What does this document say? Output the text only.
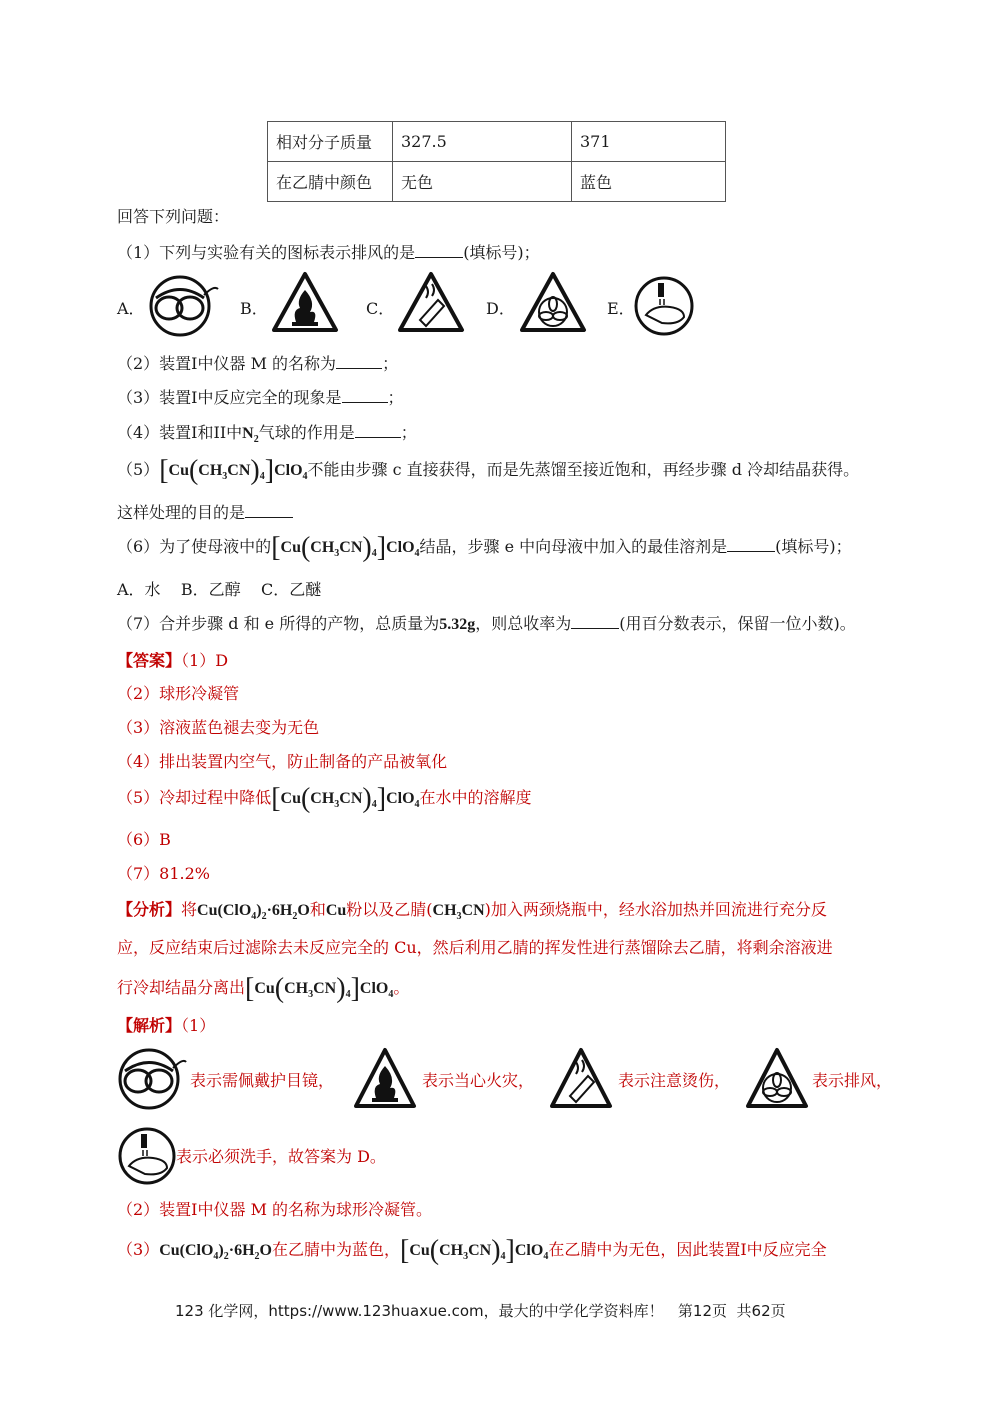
相对分子质量	327.5	371
在乙腈中颜色	无色	蓝色
回答下列问题：
（1）下列与实验有关的图标表示排风的是	(填标号)；
A．	B．	C．	D．	E．
（2）装置I中仪器 M 的名称为	；
（3）装置I中反应完全的现象是	；
（4）装置I和II中$N_2$气球的作用是	；
$(5)[Cu(CH_3CN)_4]ClO_4$不能由步骤 c 直接获得，而是先蒸馏至接近饱和，再经步骤 d 冷却结晶获得。
这样处理的目的是
（6）为了使母液中的$[Cu(CH_3CN)_4]ClO_4$结晶，步骤 e 中向母液中加入的最佳溶剂是	(填标号)；
A．水    B．乙醇    C．乙醚
（7）合并步骤 d 和 e 所得的产物，总质量为5.32g，则总收率为	(用百分数表示，保留一位小数)。
【答案】（1）D
（2）球形冷凝管
（3）溶液蓝色褪去变为无色
（4）排出装置内空气，防止制备的产品被氧化
（5）冷却过程中降低$[Cu(CH_3CN)_4]ClO_4$在水中的溶解度
（6）B
（7）81.2%
【分析】将$Cu(ClO_4)_2\cdot 6H_2O$和Cu粉以及乙腈$(CH_3CN)$加入两颈烧瓶中，经水浴加热并回流进行充分反
应，反应结束后过滤除去未反应完全的 Cu，然后利用乙腈的挥发性进行蒸馏除去乙腈，将剩余溶液进
行冷却结晶分离出$[Cu(CH_3CN)_4]ClO_4$。
【解析】（1）
表示需佩戴护目镜，	表示当心火灾，	表示注意烫伤，	表示排风，
表示必须洗手，故答案为 D。
（2）装置I中仪器 M 的名称为球形冷凝管。
$(3)Cu(ClO_4)_2\cdot 6H_2O$在乙腈中为蓝色，$[Cu(CH_3CN)_4]ClO_4$在乙腈中为无色，因此装置I中反应完全
123 化学网，https://www.123huaxue.com，最大的中学化学资料库！   第12页  共62页
